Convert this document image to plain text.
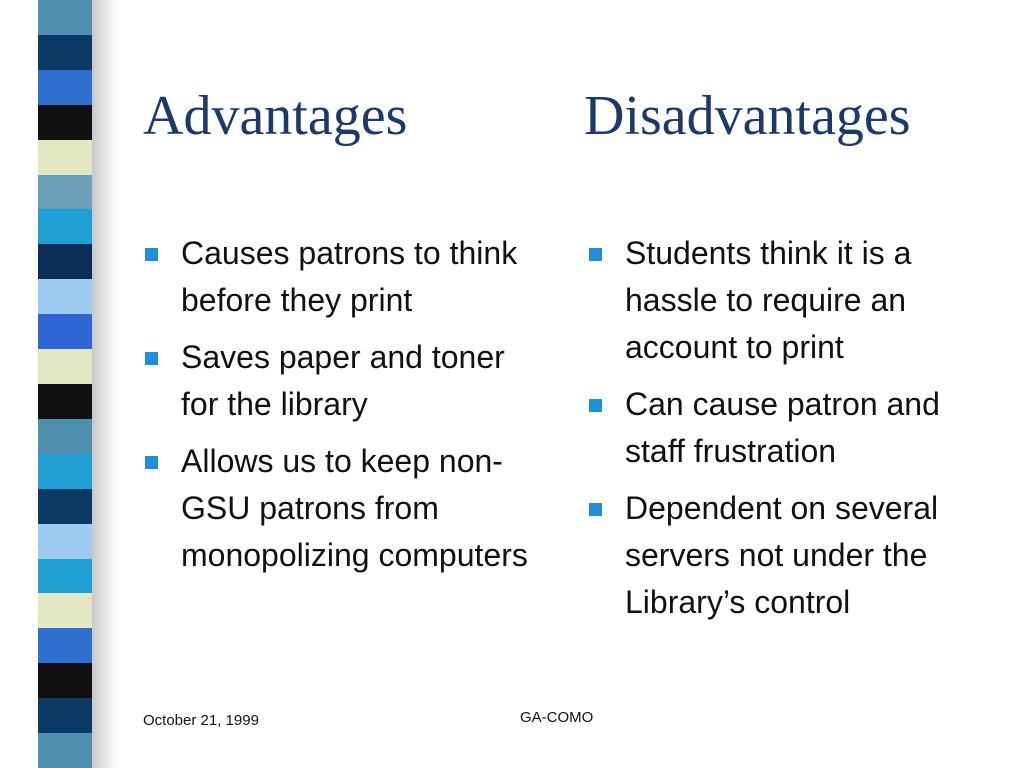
Advantages	Disadvantages
Causes patrons to think before they print
Saves paper and toner for the library
Allows us to keep non-GSU patrons from monopolizing computers
Students think it is a hassle to require an account to print
Can cause patron and staff frustration
Dependent on several servers not under the Library’s control
October 21, 1999	GA-COMO
